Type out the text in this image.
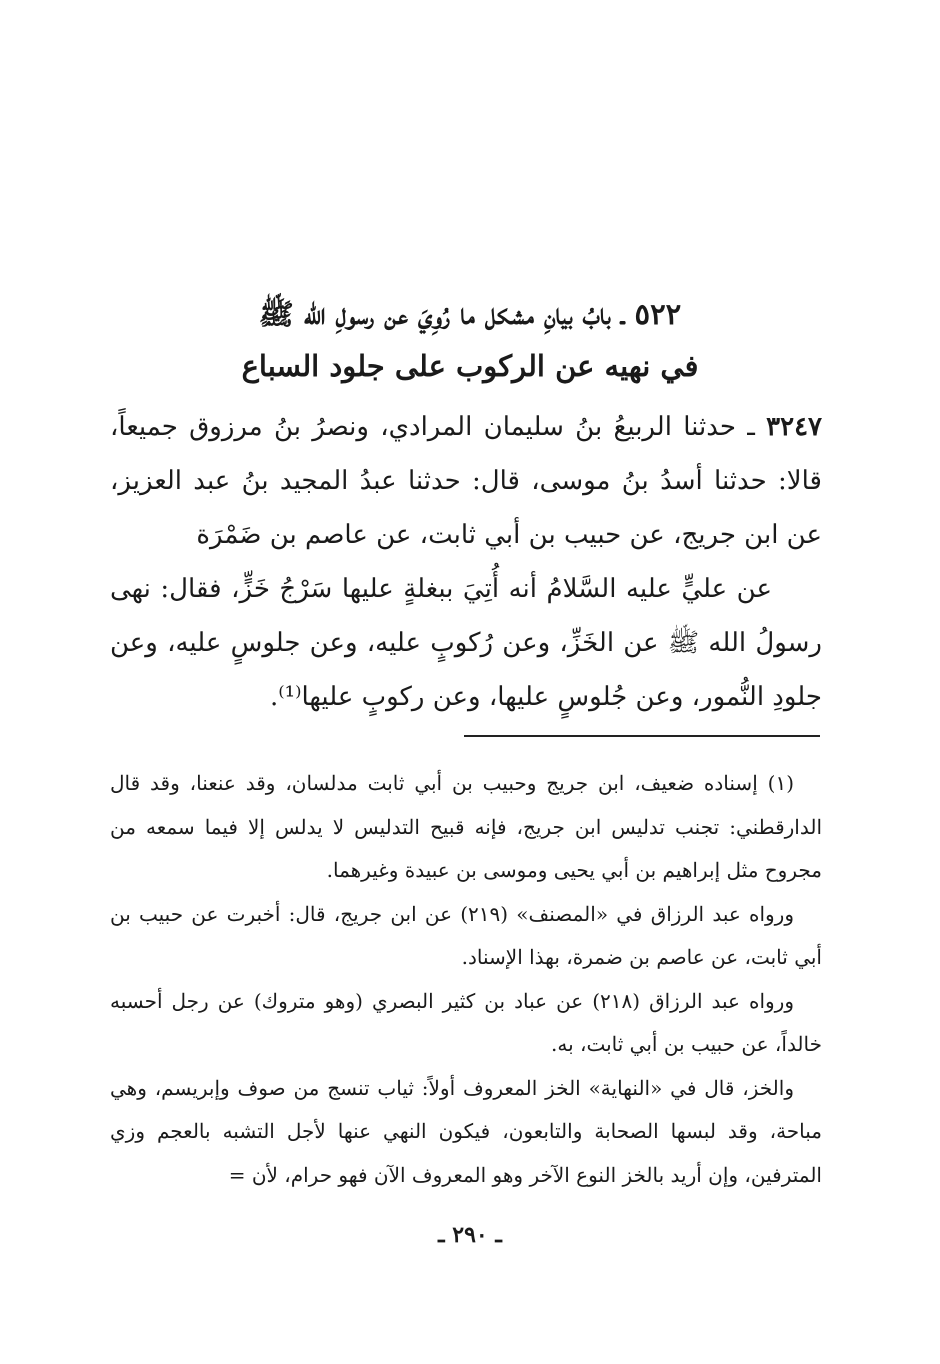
٥٢٢ ـ بابُ بيانِ مشكل ما رُوِيَ عن رسولِ الله ﷺ
في نهيه عن الركوب على جلود السباع

٣٢٤٧ ـ حدثنا الربيعُ بنُ سليمان المرادي، ونصرُ بنُ مرزوق جميعاً، قالا: حدثنا أسدُ بنُ موسى، قال: حدثنا عبدُ المجيد بنُ عبد العزيز، عن ابن جريج، عن حبيب بن أبي ثابت، عن عاصم بن ضَمْرَة

عن عليٍّ عليه السَّلامُ أنه أُتِيَ ببغلةٍ عليها سَرْجُ خَزٍّ، فقال: نهى رسولُ الله ﷺ عن الخَزِّ، وعن رُكوبٍ عليه، وعن جلوسٍ عليه، وعن جلودِ النُّمور، وعن جُلوسٍ عليها، وعن ركوبٍ عليها⁽¹⁾.

(١) إسناده ضعيف، ابن جريج وحبيب بن أبي ثابت مدلسان، وقد عنعنا، وقد قال الدارقطني: تجنب تدليس ابن جريج، فإنه قبيح التدليس لا يدلس إلا فيما سمعه من مجروح مثل إبراهيم بن أبي يحيى وموسى بن عبيدة وغيرهما.

ورواه عبد الرزاق في «المصنف» (٢١٩) عن ابن جريج، قال: أخبرت عن حبيب بن أبي ثابت، عن عاصم بن ضمرة، بهذا الإسناد.

ورواه عبد الرزاق (٢١٨) عن عباد بن كثير البصري (وهو متروك) عن رجل أحسبه خالداً، عن حبيب بن أبي ثابت، به.

والخز، قال في «النهاية» الخز المعروف أولاً: ثياب تنسج من صوف وإبريسم، وهي مباحة، وقد لبسها الصحابة والتابعون، فيكون النهي عنها لأجل التشبه بالعجم وزي المترفين، وإن أريد بالخز النوع الآخر وهو المعروف الآن فهو حرام، لأن =

ـ ٢٩٠ ـ
